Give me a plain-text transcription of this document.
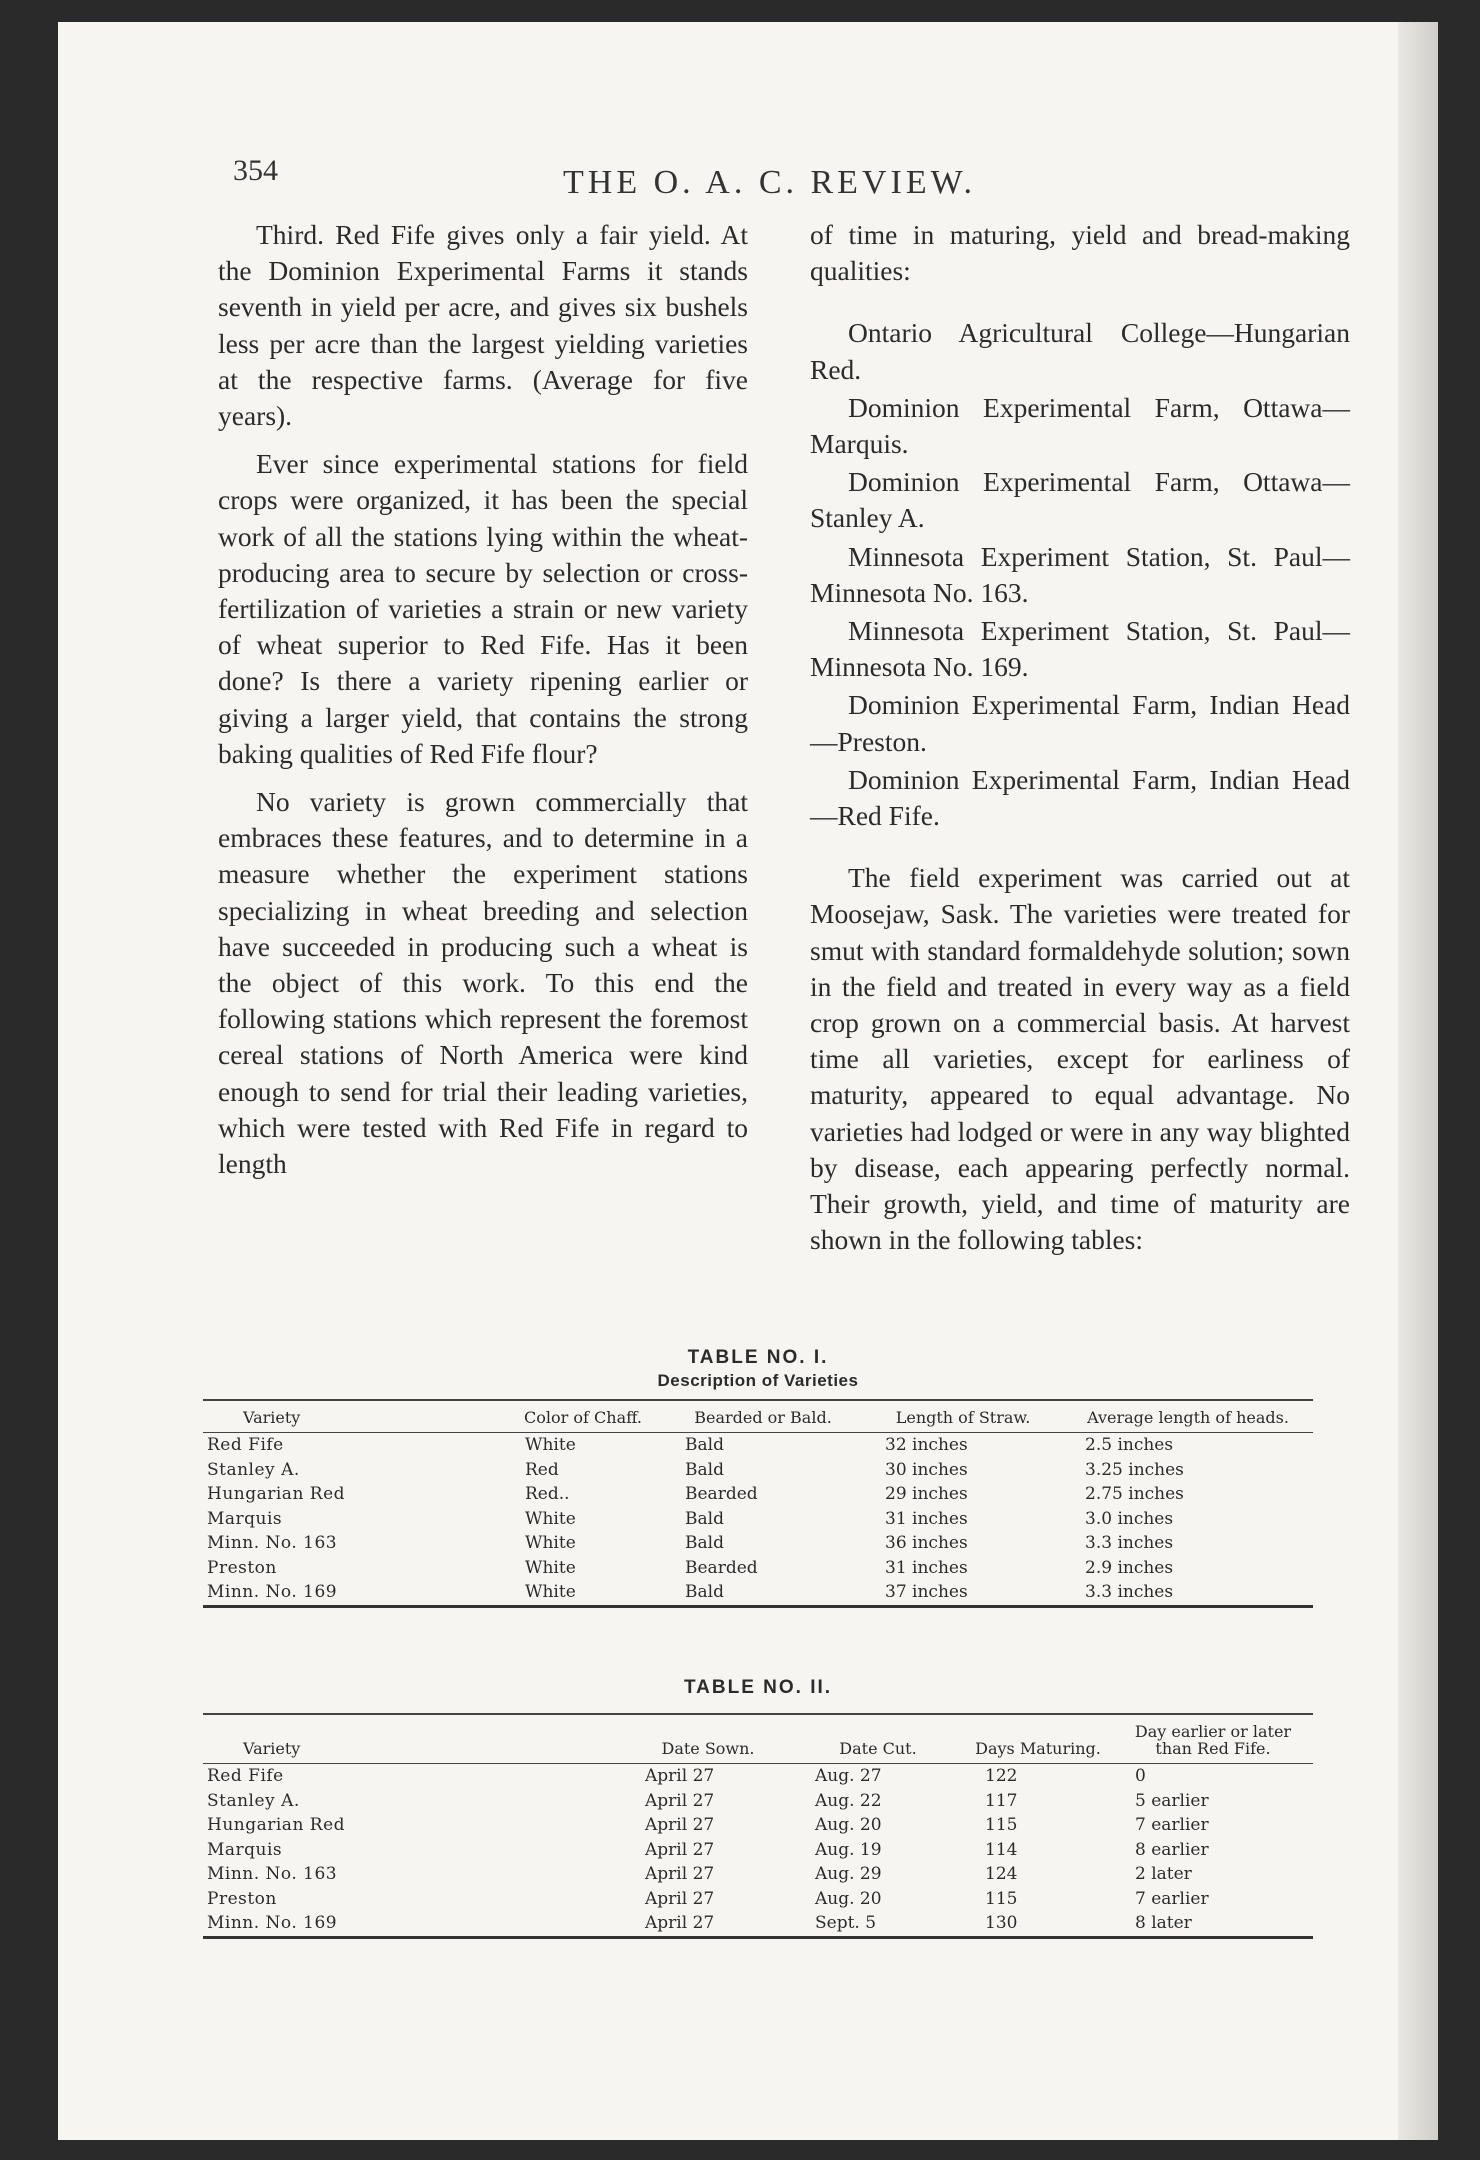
354	THE O. A. C. REVIEW.

Third. Red Fife gives only a fair yield. At the Dominion Experimental Farms it stands seventh in yield per acre, and gives six bushels less per acre than the largest yielding varieties at the respective farms. (Average for five years).

Ever since experimental stations for field crops were organized, it has been the special work of all the stations lying within the wheat-producing area to secure by selection or cross-fertilization of varieties a strain or new variety of wheat superior to Red Fife. Has it been done? Is there a variety ripening earlier or giving a larger yield, that contains the strong baking qualities of Red Fife flour?

No variety is grown commercially that embraces these features, and to determine in a measure whether the experiment stations specializing in wheat breeding and selection have succeeded in producing such a wheat is the object of this work. To this end the following stations which represent the foremost cereal stations of North America were kind enough to send for trial their leading varieties, which were tested with Red Fife in regard to length

of time in maturing, yield and bread-making qualities:

Ontario Agricultural College—Hungarian Red.

Dominion Experimental Farm, Ottawa—Marquis.

Dominion Experimental Farm, Ottawa—Stanley A.

Minnesota Experiment Station, St. Paul—Minnesota No. 163.

Minnesota Experiment Station, St. Paul—Minnesota No. 169.

Dominion Experimental Farm, Indian Head—Preston.

Dominion Experimental Farm, Indian Head—Red Fife.

The field experiment was carried out at Moosejaw, Sask. The varieties were treated for smut with standard formaldehyde solution; sown in the field and treated in every way as a field crop grown on a commercial basis. At harvest time all varieties, except for earliness of maturity, appeared to equal advantage. No varieties had lodged or were in any way blighted by disease, each appearing perfectly normal. Their growth, yield, and time of maturity are shown in the following tables:

TABLE NO. I.
Description of Varieties
Variety	Color of Chaff.	Bearded or Bald.	Length of Straw.	Average length of heads.
Red Fife	White	Bald	32 inches	2.5 inches
Stanley A.	Red	Bald	30 inches	3.25 inches
Hungarian Red	Red..	Bearded	29 inches	2.75 inches
Marquis	White	Bald	31 inches	3.0 inches
Minn. No. 163	White	Bald	36 inches	3.3 inches
Preston	White	Bearded	31 inches	2.9 inches
Minn. No. 169	White	Bald	37 inches	3.3 inches
TABLE NO. II.
Variety	Date Sown.	Date Cut.	Days Maturing.	Day earlier or later than Red Fife.
Red Fife	April 27	Aug. 27	122	0
Stanley A.	April 27	Aug. 22	117	5 earlier
Hungarian Red	April 27	Aug. 20	115	7 earlier
Marquis	April 27	Aug. 19	114	8 earlier
Minn. No. 163	April 27	Aug. 29	124	2 later
Preston	April 27	Aug. 20	115	7 earlier
Minn. No. 169	April 27	Sept. 5	130	8 later
